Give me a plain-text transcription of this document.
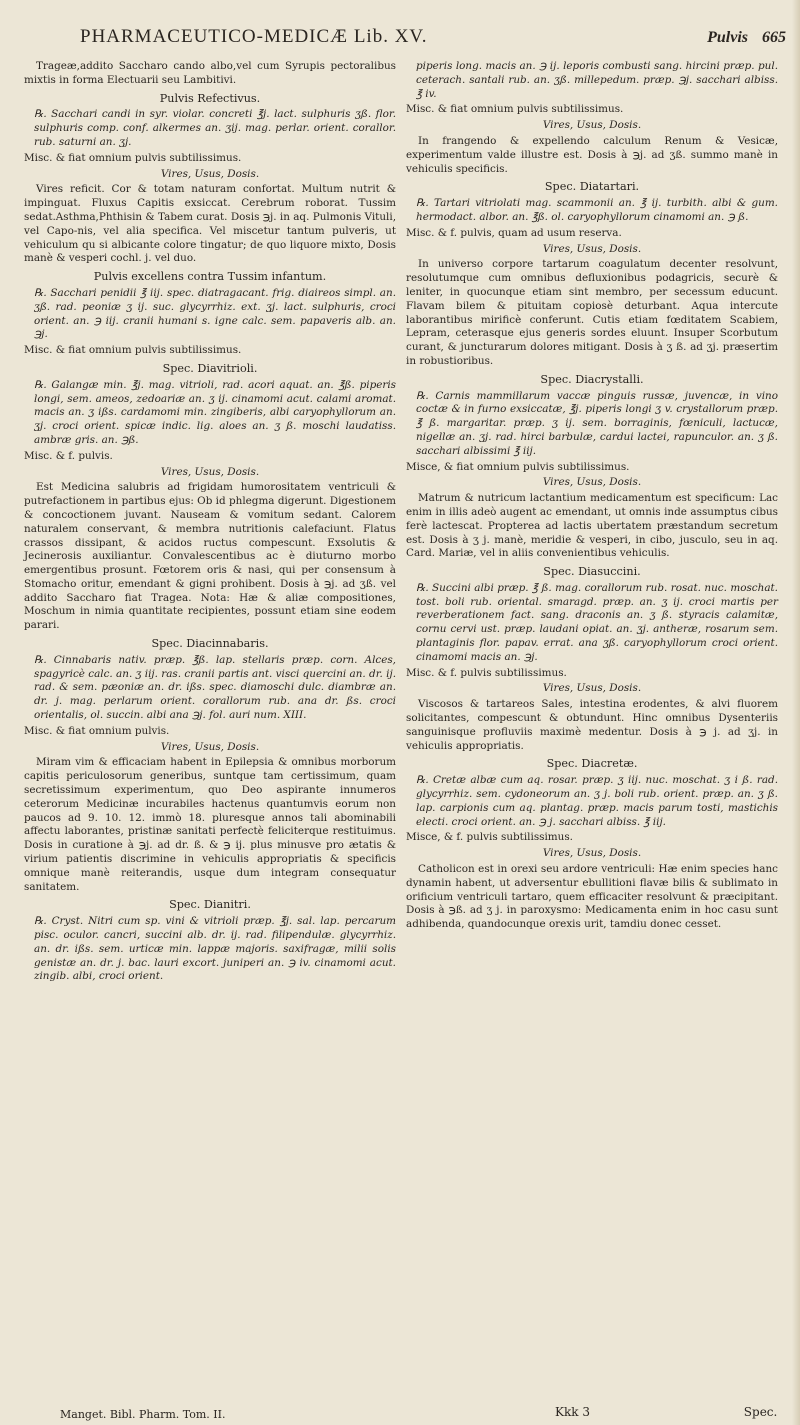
PHARMACEUTICO-MEDICÆ Lib. XV.	Pulvis 665

Trageæ,addito Saccharo cando albo,vel cum Syrupis pectoralibus mixtis in forma Electuarii seu Lambitivi.

Pulvis Refectivus.

℞. Sacchari candi in syr. violar. concreti ℥j. lact. sulphuris ʒß. flor. sulphuris comp. conf. alkermes an. ʒij. mag. perlar. orient. corallor. rub. saturni an. ʒj.

Misc. & fiat omnium pulvis subtilissimus.

Vires, Usus, Dosis.

Vires reficit. Cor & totam naturam confortat. Multum nutrit & impinguat. Fluxus Capitis exsiccat. Cerebrum roborat. Tussim sedat.Asthma,Phthisin & Tabem curat. Dosis ℈j. in aq. Pulmonis Vituli, vel Capo-nis, vel alia specifica. Vel miscetur tantum pulveris, ut vehiculum qu si albicante colore tingatur; de quo liquore mixto, Dosis manè & vesperi cochl. j. vel duo.

Pulvis excellens contra Tussim infantum.

℞. Sacchari penidii ℥ iij. spec. diatragacant. frig. diaireos simpl. an. ʒß. rad. peoniæ ʒ ij. suc. glycyrrhiz. ext. ʒj. lact. sulphuris, croci orient. an. ℈ iij. cranii humani s. igne calc. sem. papaveris alb. an. ℈j.

Misc. & fiat omnium pulvis subtilissimus.

Spec. Diavitrioli.

℞. Galangæ min. ℥j. mag. vitrioli, rad. acori aquat. an. ℥ß. piperis longi, sem. ameos, zedoariæ an. ʒ ij. cinamomi acut. calami aromat. macis an. ʒ ißs. cardamomi min. zingiberis, albi caryophyllorum an. ʒj. croci orient. spicæ indic. lig. aloes an. ʒ ß. moschi laudatiss. ambræ gris. an. ℈ß.

Misc. & f. pulvis.

Vires, Usus, Dosis.

Est Medicina salubris ad frigidam humorositatem ventriculi & putrefactionem in partibus ejus: Ob id phlegma digerunt. Digestionem & concoctionem juvant. Nauseam & vomitum sedant. Calorem naturalem conservant, & membra nutritionis calefaciunt. Flatus crassos dissipant, & acidos ructus compescunt. Exsolutis & Jecinerosis auxiliantur. Convalescentibus ac è diuturno morbo emergentibus prosunt. Fœtorem oris & nasi, qui per consensum à Stomacho oritur, emendant & gigni prohibent. Dosis à ℈j. ad ʒß. vel addito Saccharo fiat Tragea. Nota: Hæ & aliæ compositiones, Moschum in nimia quantitate recipientes, possunt etiam sine eodem parari.

Spec. Diacinnabaris.

℞. Cinnabaris nativ. præp. ℥ß. lap. stellaris præp. corn. Alces, spagyricè calc. an. ʒ iij. ras. cranii partis ant. visci quercini an. dr. ij. rad. & sem. pæoniæ an. dr. ißs. spec. diamoschi dulc. diambræ an. dr. j. mag. perlarum orient. corallorum rub. ana dr. ßs. croci orientalis, ol. succin. albi ana ℈j. fol. auri num. XIII.

Misc. & fiat omnium pulvis.

Vires, Usus, Dosis.

Miram vim & efficaciam habent in Epilepsia & omnibus morborum capitis periculosorum generibus, suntque tam certissimum, quam secretissimum experimentum, quo Deo aspirante innumeros ceterorum Medicinæ incurabiles hactenus quantumvis eorum non paucos ad 9. 10. 12. immò 18. pluresque annos tali abominabili affectu laborantes, pristinæ sanitati perfectè feliciterque restituimus. Dosis in curatione à ℈j. ad dr. ß. & ℈ ij. plus minusve pro ætatis & virium patientis discrimine in vehiculis appropriatis & specificis omnique manè reiterandis, usque dum integram consequatur sanitatem.

Spec. Dianitri.

℞. Cryst. Nitri cum sp. vini & vitrioli præp. ℥j. sal. lap. percarum pisc. oculor. cancri, succini alb. dr. ij. rad. filipendulæ. glycyrrhiz. an. dr. ißs. sem. urticæ min. lappæ majoris. saxifragæ, milii solis genistæ an. dr. j. bac. lauri excort. juniperi an. ℈ iv. cinamomi acut. zingib. albi, croci orient.

piperis long. macis an. ℈ ij. leporis combusti sang. hircini præp. pul. ceterach. santali rub. an. ʒß. millepedum. præp. ℈j. sacchari albiss. ℥ iv.

Misc. & fiat omnium pulvis subtilissimus.

Vires, Usus, Dosis.

In frangendo & expellendo calculum Renum & Vesicæ, experimentum valde illustre est. Dosis à ℈j. ad ʒß. summo manè in vehiculis specificis.

Spec. Diatartari.

℞. Tartari vitriolati mag. scammonii an. ℥ ij. turbith. albi & gum. hermodact. albor. an. ℥ß. ol. caryophyllorum cinamomi an. ℈ ß.

Misc. & f. pulvis, quam ad usum reserva.

Vires, Usus, Dosis.

In universo corpore tartarum coagulatum decenter resolvunt, resolutumque cum omnibus defluxionibus podagricis, securè & leniter, in quocunque etiam sint membro, per secessum educunt. Flavam bilem & pituitam copiosè deturbant. Aqua intercute laborantibus mirificè conferunt. Cutis etiam fœditatem Scabiem, Lepram, ceterasque ejus generis sordes eluunt. Insuper Scorbutum curant, & juncturarum dolores mitigant. Dosis à ʒ ß. ad ʒj. præsertim in robustioribus.

Spec. Diacrystalli.

℞. Carnis mammillarum vaccæ pinguis russæ, juvencæ, in vino coctæ & in furno exsiccatæ, ℥j. piperis longi ʒ v. crystallorum præp. ℥ ß. margaritar. præp. ʒ ij. sem. borraginis, fœniculi, lactucæ, nigellæ an. ʒj. rad. hirci barbulæ, cardui lactei, rapunculor. an. ʒ ß. sacchari albissimi ℥ iij.

Misce, & fiat omnium pulvis subtilissimus.

Vires, Usus, Dosis.

Matrum & nutricum lactantium medicamentum est specificum: Lac enim in illis adeò augent ac emendant, ut omnis inde assumptus cibus ferè lactescat. Propterea ad lactis ubertatem præstandum secretum est. Dosis à ʒ j. manè, meridie & vesperi, in cibo, jusculo, seu in aq. Card. Mariæ, vel in aliis convenientibus vehiculis.

Spec. Diasuccini.

℞. Succini albi præp. ℥ ß. mag. corallorum rub. rosat. nuc. moschat. tost. boli rub. oriental. smaragd. præp. an. ʒ ij. croci martis per reverberationem fact. sang. draconis an. ʒ ß. styracis calamitæ, cornu cervi ust. præp. laudani opiat. an. ʒj. antheræ, rosarum sem. plantaginis flor. papav. errat. ana ʒß. caryophyllorum croci orient. cinamomi macis an. ℈j.

Misc. & f. pulvis subtilissimus.

Vires, Usus, Dosis.

Viscosos & tartareos Sales, intestina erodentes, & alvi fluorem solicitantes, compescunt & obtundunt. Hinc omnibus Dysenteriis sanguinisque profluviis maximè medentur. Dosis à ℈ j. ad ʒj. in vehiculis appropriatis.

Spec. Diacretæ.

℞. Cretæ albæ cum aq. rosar. præp. ʒ iij. nuc. moschat. ʒ i ß. rad. glycyrrhiz. sem. cydoneorum an. ʒ j. boli rub. orient. præp. an. ʒ ß. lap. carpionis cum aq. plantag. præp. macis parum tosti, mastichis electi. croci orient. an. ℈ j. sacchari albiss. ℥ iij.

Misce, & f. pulvis subtilissimus.

Vires, Usus, Dosis.

Catholicon est in orexi seu ardore ventriculi: Hæ enim species hanc dynamin habent, ut adversentur ebullitioni flavæ bilis & sublimato in orificium ventriculi tartaro, quem efficaciter resolvunt & præcipitant. Dosis à ℈ß. ad ʒ j. in paroxysmo: Medicamenta enim in hoc casu sunt adhibenda, quandocunque orexis urit, tamdiu donec cesset.

Manget. Bibl. Pharm. Tom. II.	Kkk 3	Spec.
